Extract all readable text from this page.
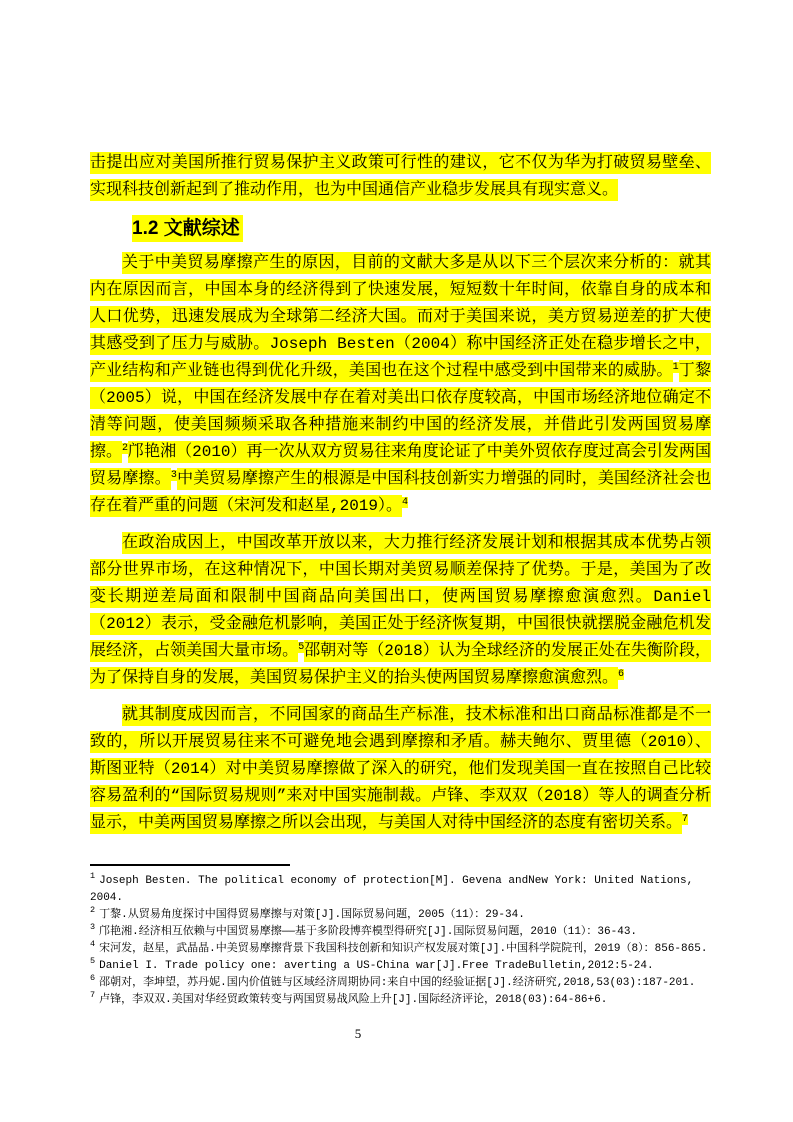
击提出应对美国所推行贸易保护主义政策可行性的建议，它不仅为华为打破贸易壁垒、实现科技创新起到了推动作用，也为中国通信产业稳步发展具有现实意义。

1.2 文献综述

关于中美贸易摩擦产生的原因，目前的文献大多是从以下三个层次来分析的：就其内在原因而言，中国本身的经济得到了快速发展，短短数十年时间，依靠自身的成本和人口优势，迅速发展成为全球第二经济大国。而对于美国来说，美方贸易逆差的扩大使其感受到了压力与威胁。Joseph Besten（2004）称中国经济正处在稳步增长之中，产业结构和产业链也得到优化升级，美国也在这个过程中感受到中国带来的威胁。$^1$丁黎（2005）说，中国在经济发展中存在着对美出口依存度较高，中国市场经济地位确定不清等问题，使美国频频采取各种措施来制约中国的经济发展，并借此引发两国贸易摩擦。$^2$邝艳湘（2010）再一次从双方贸易往来角度论证了中美外贸依存度过高会引发两国贸易摩擦。$^3$中美贸易摩擦产生的根源是中国科技创新实力增强的同时，美国经济社会也存在着严重的问题（宋河发和赵星,2019）。$^4$

在政治成因上，中国改革开放以来，大力推行经济发展计划和根据其成本优势占领部分世界市场，在这种情况下，中国长期对美贸易顺差保持了优势。于是，美国为了改变长期逆差局面和限制中国商品向美国出口，使两国贸易摩擦愈演愈烈。Daniel（2012）表示，受金融危机影响，美国正处于经济恢复期，中国很快就摆脱金融危机发展经济，占领美国大量市场。$^5$邵朝对等（2018）认为全球经济的发展正处在失衡阶段，为了保持自身的发展，美国贸易保护主义的抬头使两国贸易摩擦愈演愈烈。$^6$

就其制度成因而言，不同国家的商品生产标准，技术标准和出口商品标准都是不一致的，所以开展贸易往来不可避免地会遇到摩擦和矛盾。赫夫鲍尔、贾里德（2010）、斯图亚特（2014）对中美贸易摩擦做了深入的研究，他们发现美国一直在按照自己比较容易盈利的“国际贸易规则”来对中国实施制裁。卢锋、李双双（2018）等人的调查分析显示，中美两国贸易摩擦之所以会出现，与美国人对待中国经济的态度有密切关系。$^7$

$^1$ Joseph Besten. The political economy of protection[M]. Gevena andNew York: United Nations, 2004.
$^2$ 丁黎.从贸易角度探讨中国得贸易摩擦与对策[J].国际贸易问题，2005（11）：29-34.
$^3$ 邝艳湘.经济相互依赖与中国贸易摩擦——基于多阶段博弈模型得研究[J].国际贸易问题，2010（11）：36-43.
$^4$ 宋河发，赵星，武晶晶.中美贸易摩擦背景下我国科技创新和知识产权发展对策[J].中国科学院院刊，2019（8）：856-865.
$^5$ Daniel I. Trade policy one: averting a US-China war[J].Free TradeBulletin,2012:5-24.
$^6$ 邵朝对，李坤望，苏丹妮.国内价值链与区域经济周期协同:来自中国的经验证据[J].经济研究,2018,53(03):187-201.
$^7$ 卢锋，李双双.美国对华经贸政策转变与两国贸易战风险上升[J].国际经济评论，2018(03):64-86+6.
5
